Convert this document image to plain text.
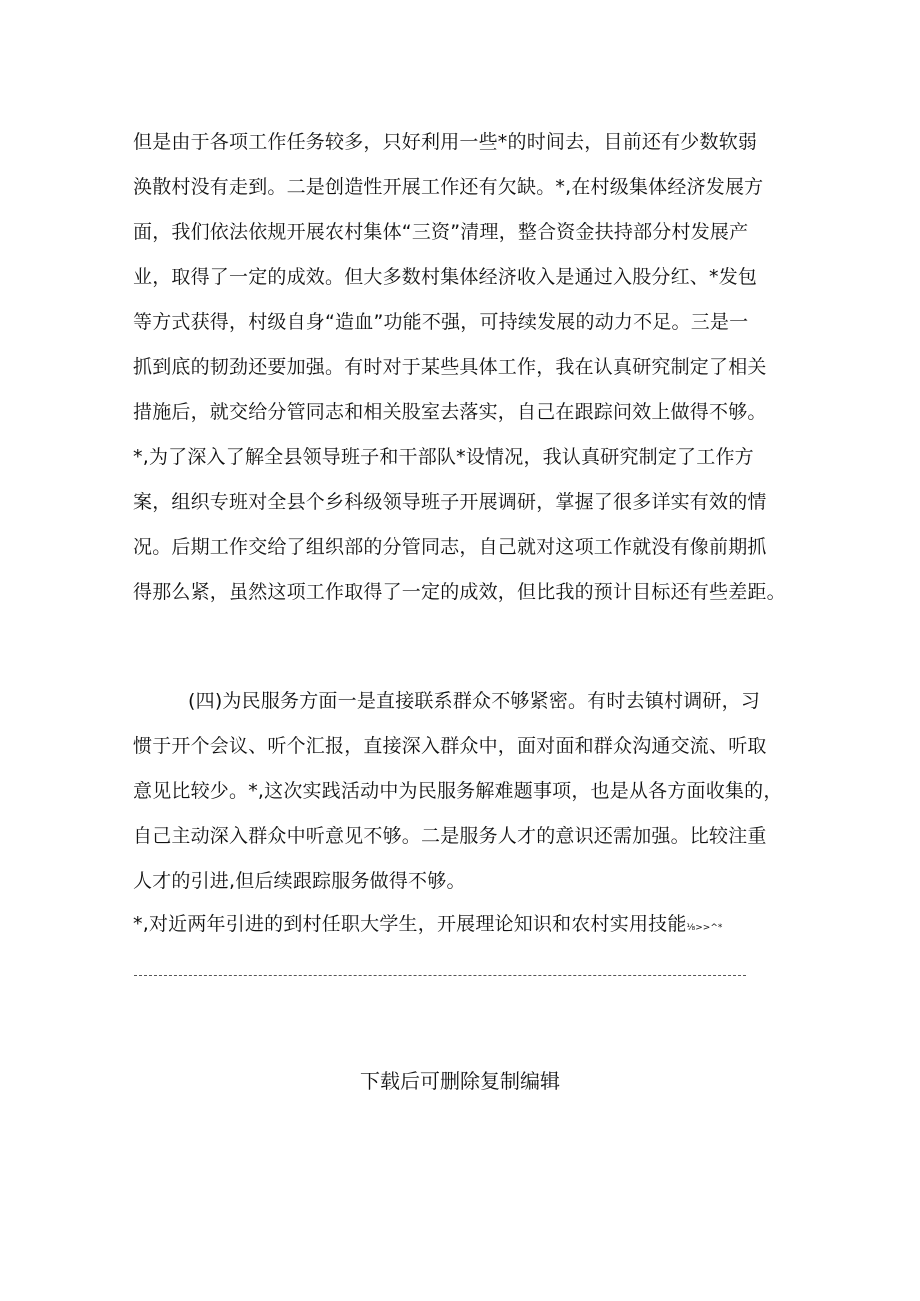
但是由于各项工作任务较多，只好利用一些*的时间去，目前还有少数软弱
涣散村没有走到。二是创造性开展工作还有欠缺。*,在村级集体经济发展方
面，我们依法依规开展农村集体“三资”清理，整合资金扶持部分村发展产
业，取得了一定的成效。但大多数村集体经济收入是通过入股分红、*发包
等方式获得，村级自身“造血”功能不强，可持续发展的动力不足。三是一
抓到底的韧劲还要加强。有时对于某些具体工作，我在认真研究制定了相关
措施后，就交给分管同志和相关股室去落实，自己在跟踪问效上做得不够。
*,为了深入了解全县领导班子和干部队*设情况，我认真研究制定了工作方
案，组织专班对全县个乡科级领导班子开展调研，掌握了很多详实有效的情
况。后期工作交给了组织部的分管同志，自己就对这项工作就没有像前期抓
得那么紧，虽然这项工作取得了一定的成效，但比我的预计目标还有些差距。
(四)为民服务方面一是直接联系群众不够紧密。有时去镇村调研，习
惯于开个会议、听个汇报，直接深入群众中，面对面和群众沟通交流、听取
意见比较少。*,这次实践活动中为民服务解难题事项，也是从各方面收集的，
自己主动深入群众中听意见不够。二是服务人才的意识还需加强。比较注重
人才的引进,但后续跟踪服务做得不够。
*,对近两年引进的到村任职大学生，开展理论知识和农村实用技能⅛>>^*
下载后可删除复制编辑
